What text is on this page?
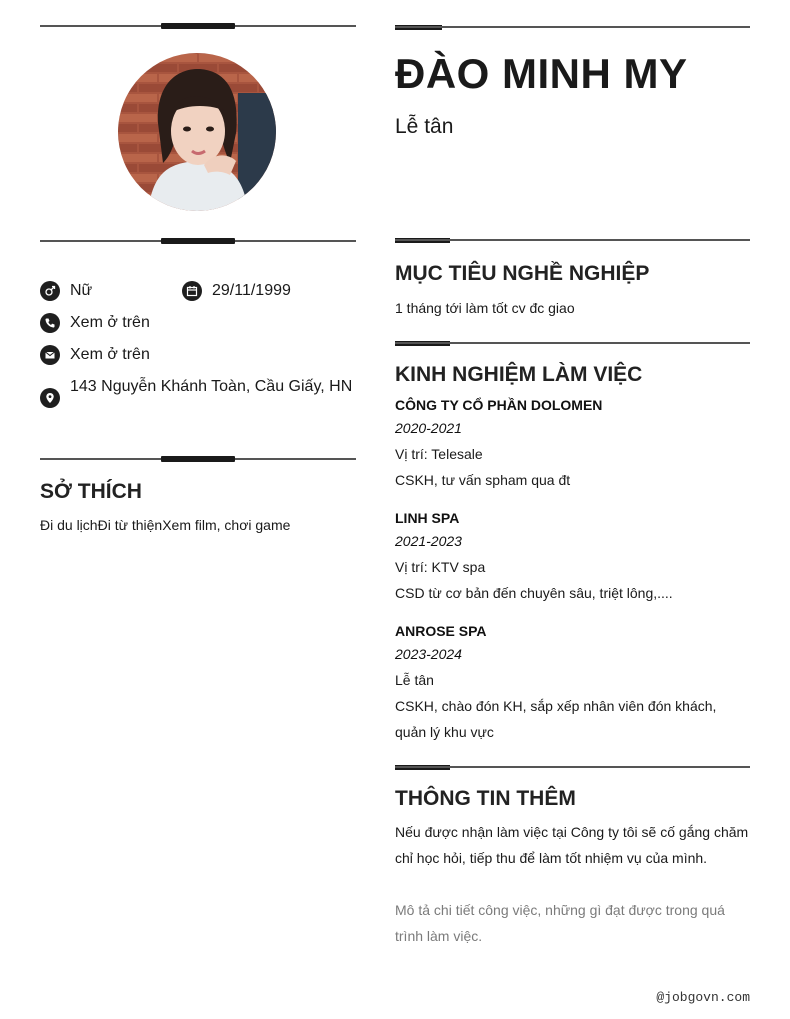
Nữ	29/11/1999
Xem ở trên
Xem ở trên
143 Nguyễn Khánh Toàn, Cầu Giấy, HN
SỞ THÍCH
Đi du lịchĐi từ thiệnXem film, chơi game
ĐÀO MINH MY
Lễ tân
MỤC TIÊU NGHỀ NGHIỆP
1 tháng tới làm tốt cv đc giao
KINH NGHIỆM LÀM VIỆC
CÔNG TY CỔ PHẦN DOLOMEN
2020-2021
Vị trí: Telesale
CSKH, tư vấn spham qua đt
LINH SPA
2021-2023
Vị trí: KTV spa
CSD từ cơ bản đến chuyên sâu, triệt lông,....
ANROSE SPA
2023-2024
Lễ tân
CSKH, chào đón KH, sắp xếp nhân viên đón khách, quản lý khu vực
THÔNG TIN THÊM
Nếu được nhận làm việc tại Công ty tôi sẽ cố gắng chăm chỉ học hỏi, tiếp thu để làm tốt nhiệm vụ của mình.
Mô tả chi tiết công việc, những gì đạt được trong quá trình làm việc.
@jobgovn.com
